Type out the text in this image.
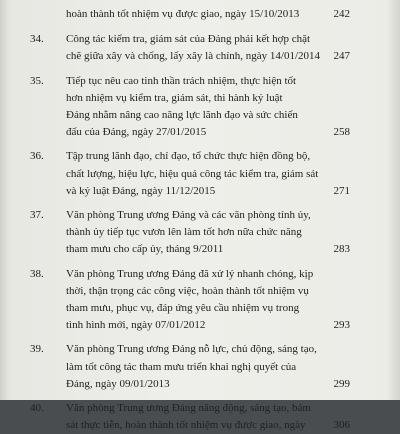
hoàn thành tốt nhiệm vụ được giao, ngày 15/10/2013	242
34. Công tác kiểm tra, giám sát của Đảng phải kết hợp chặt
chẽ giữa xây và chống, lấy xây là chính, ngày 14/01/2014	247
35. Tiếp tục nêu cao tinh thần trách nhiệm, thực hiện tốt
hơn nhiệm vụ kiểm tra, giám sát, thi hành kỷ luật
Đảng nhằm nâng cao năng lực lãnh đạo và sức chiến
đấu của Đảng, ngày 27/01/2015	258
36. Tập trung lãnh đạo, chỉ đạo, tổ chức thực hiện đồng bộ,
chất lượng, hiệu lực, hiệu quả công tác kiểm tra, giám sát
và kỷ luật Đảng, ngày 11/12/2015	271
37. Văn phòng Trung ương Đảng và các văn phòng tỉnh ủy,
thành ủy tiếp tục vươn lên làm tốt hơn nữa chức năng
tham mưu cho cấp ủy, tháng 9/2011	283
38. Văn phòng Trung ương Đảng đã xử lý nhanh chóng, kịp
thời, thận trọng các công việc, hoàn thành tốt nhiệm vụ
tham mưu, phục vụ, đáp ứng yêu cầu nhiệm vụ trong
tình hình mới, ngày 07/01/2012	293
39. Văn phòng Trung ương Đảng nỗ lực, chủ động, sáng tạo,
làm tốt công tác tham mưu triển khai nghị quyết của
Đảng, ngày 09/01/2013	299
40. Văn phòng Trung ương Đảng năng động, sáng tạo, bám
sát thực tiễn, hoàn thành tốt nhiệm vụ được giao, ngày	306
